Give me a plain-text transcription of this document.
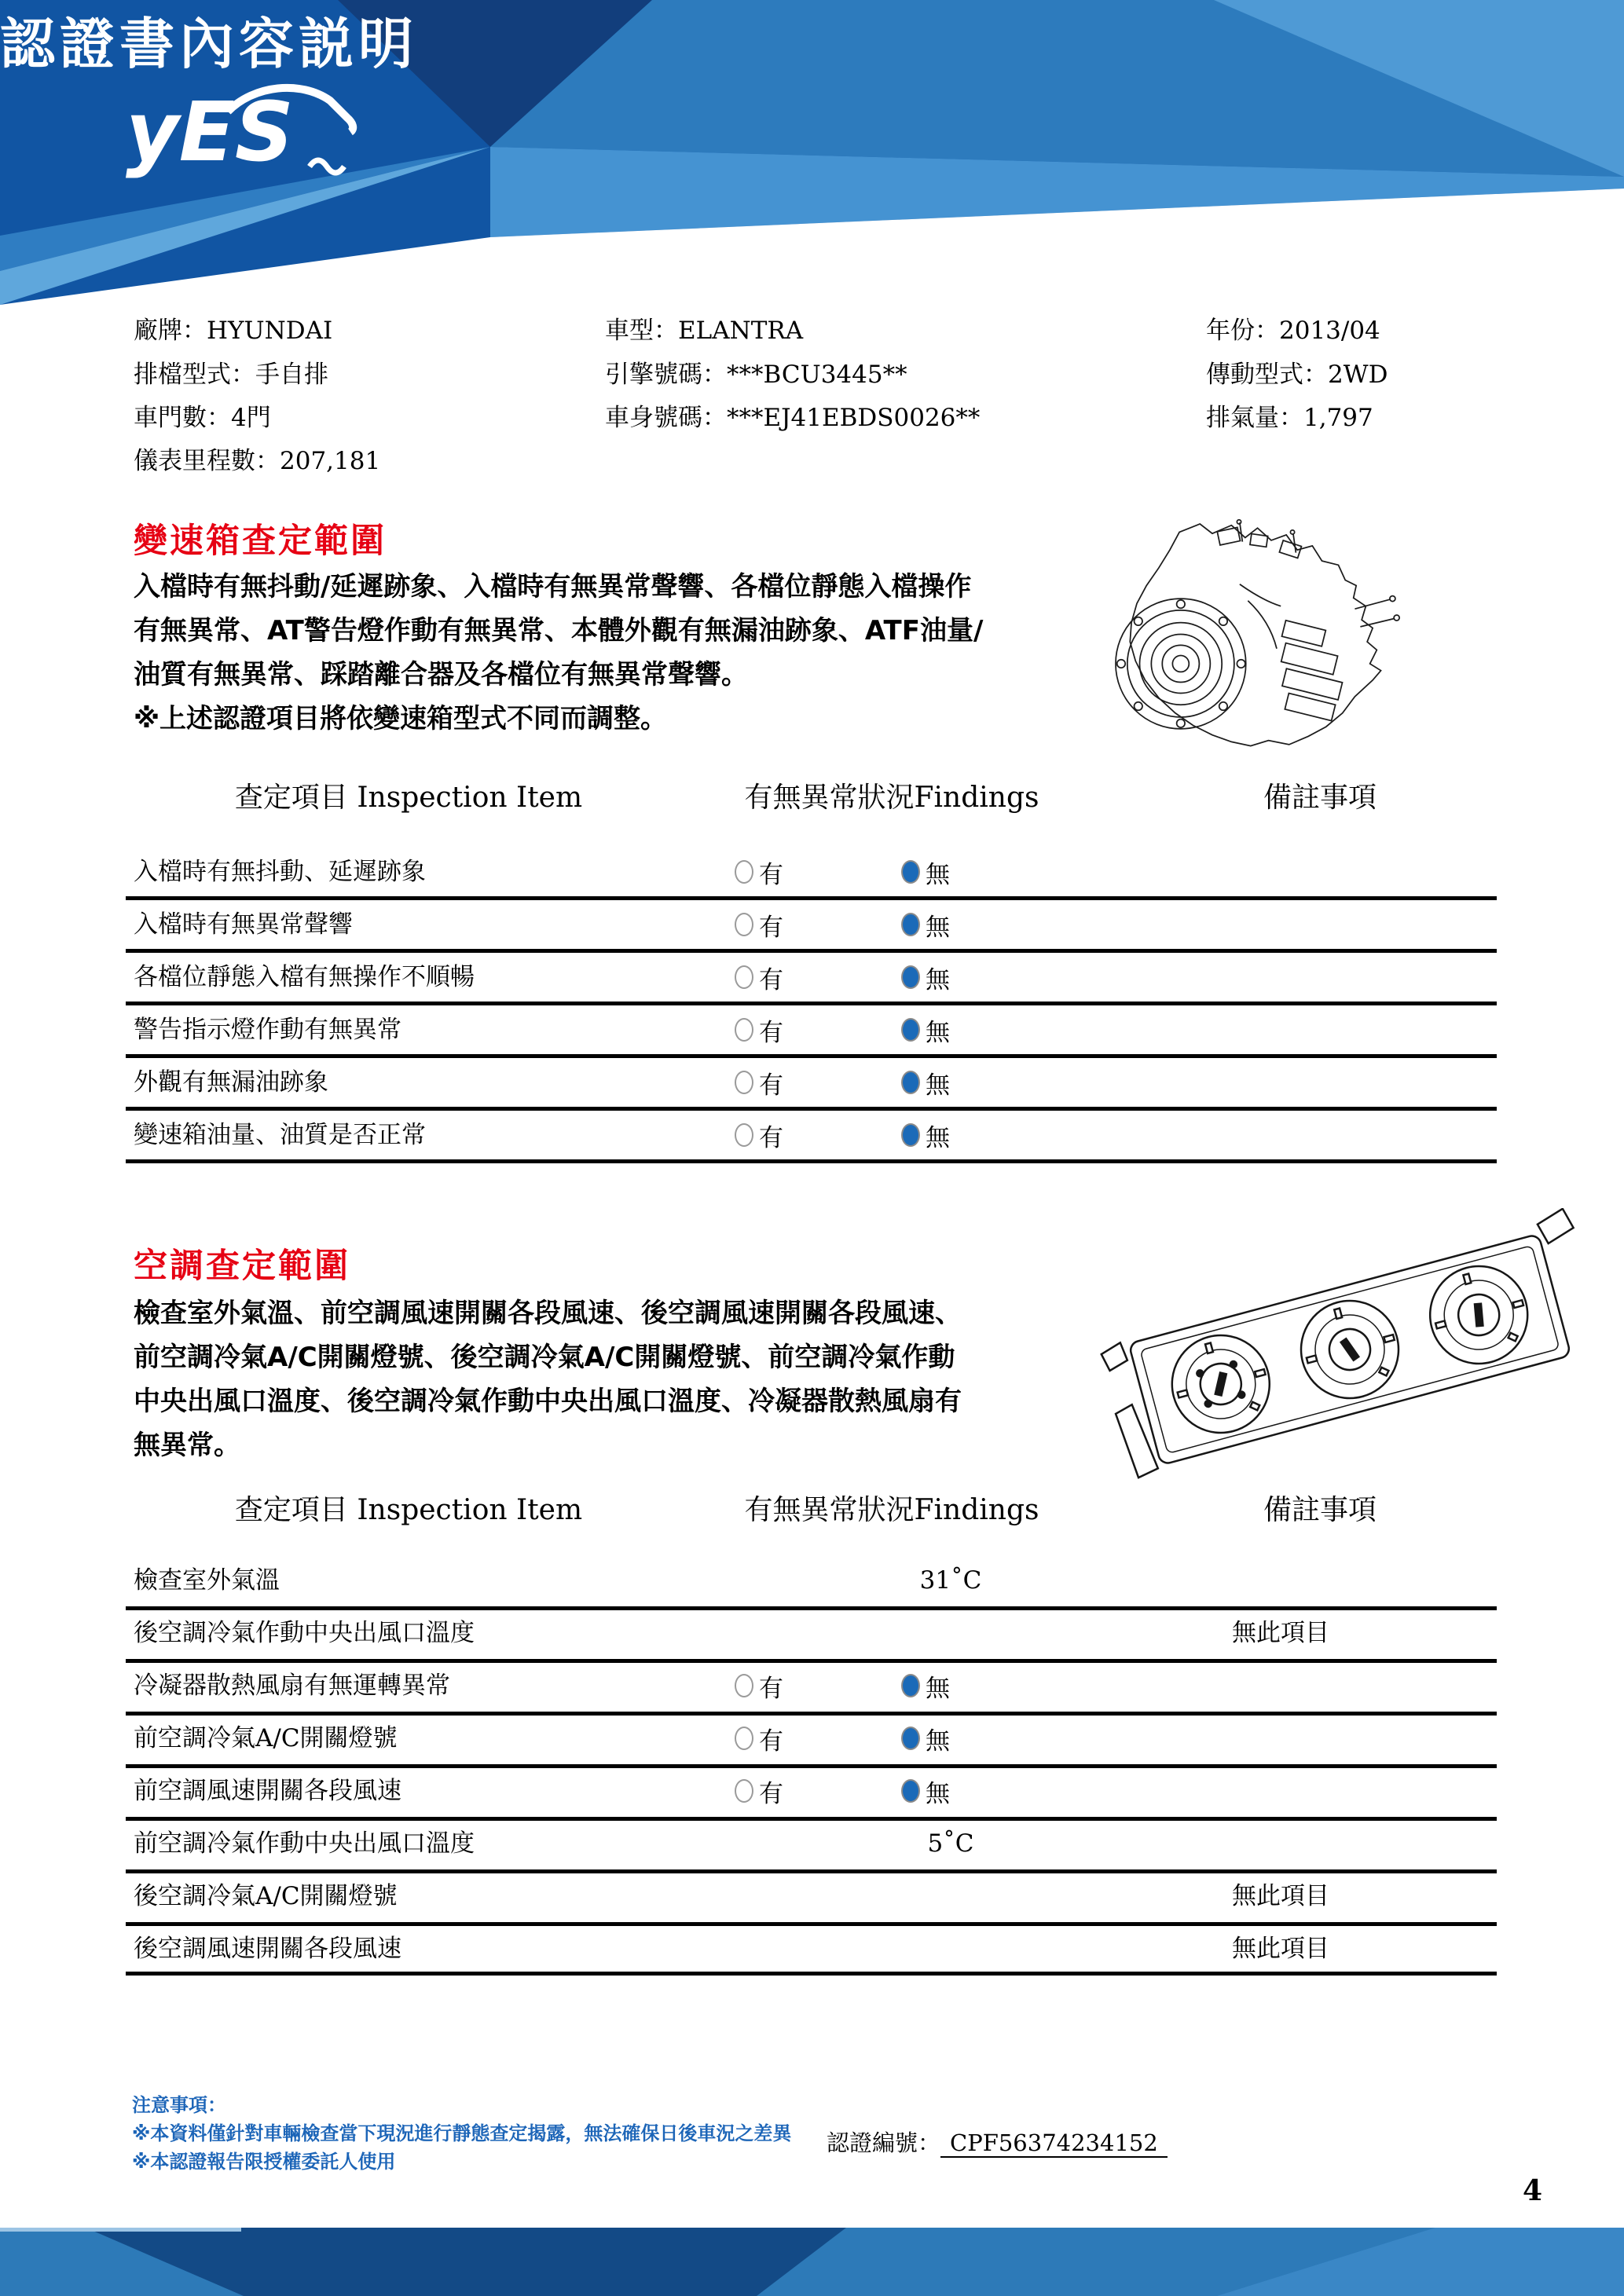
yES
認證書內容説明
廠牌：HYUNDAI
排檔型式：手自排
車門數：4門
儀表里程數：207,181
車型：ELANTRA
引擎號碼：***BCU3445**
車身號碼：***EJ41EBDS0026**
年份：2013/04
傳動型式：2WD
排氣量：1,797
變速箱查定範圍
入檔時有無抖動/延遲跡象、入檔時有無異常聲響、各檔位靜態入檔操作
有無異常、AT警告燈作動有無異常、本體外觀有無漏油跡象、ATF油量/
油質有無異常、踩踏離合器及各檔位有無異常聲響。
※上述認證項目將依變速箱型式不同而調整。
查定項目 Inspection Item	有無異常狀況Findings	備註事項
入檔時有無抖動、延遲跡象	有	無
入檔時有無異常聲響	有	無
各檔位靜態入檔有無操作不順暢	有	無
警告指示燈作動有無異常	有	無
外觀有無漏油跡象	有	無
變速箱油量、油質是否正常	有	無
空調查定範圍
檢查室外氣溫、前空調風速開關各段風速、後空調風速開關各段風速、
前空調冷氣A/C開關燈號、後空調冷氣A/C開關燈號、前空調冷氣作動
中央出風口溫度、後空調冷氣作動中央出風口溫度、冷凝器散熱風扇有
無異常。
查定項目 Inspection Item	有無異常狀況Findings	備註事項
檢查室外氣溫	31˚C
後空調冷氣作動中央出風口溫度	無此項目
冷凝器散熱風扇有無運轉異常	有	無
前空調冷氣A/C開關燈號	有	無
前空調風速開關各段風速	有	無
前空調冷氣作動中央出風口溫度	5˚C
後空調冷氣A/C開關燈號	無此項目
後空調風速開關各段風速	無此項目
注意事項：
※本資料僅針對車輛檢查當下現況進行靜態查定揭露，無法確保日後車況之差異
※本認證報告限授權委託人使用
認證編號： CPF56374234152
4
